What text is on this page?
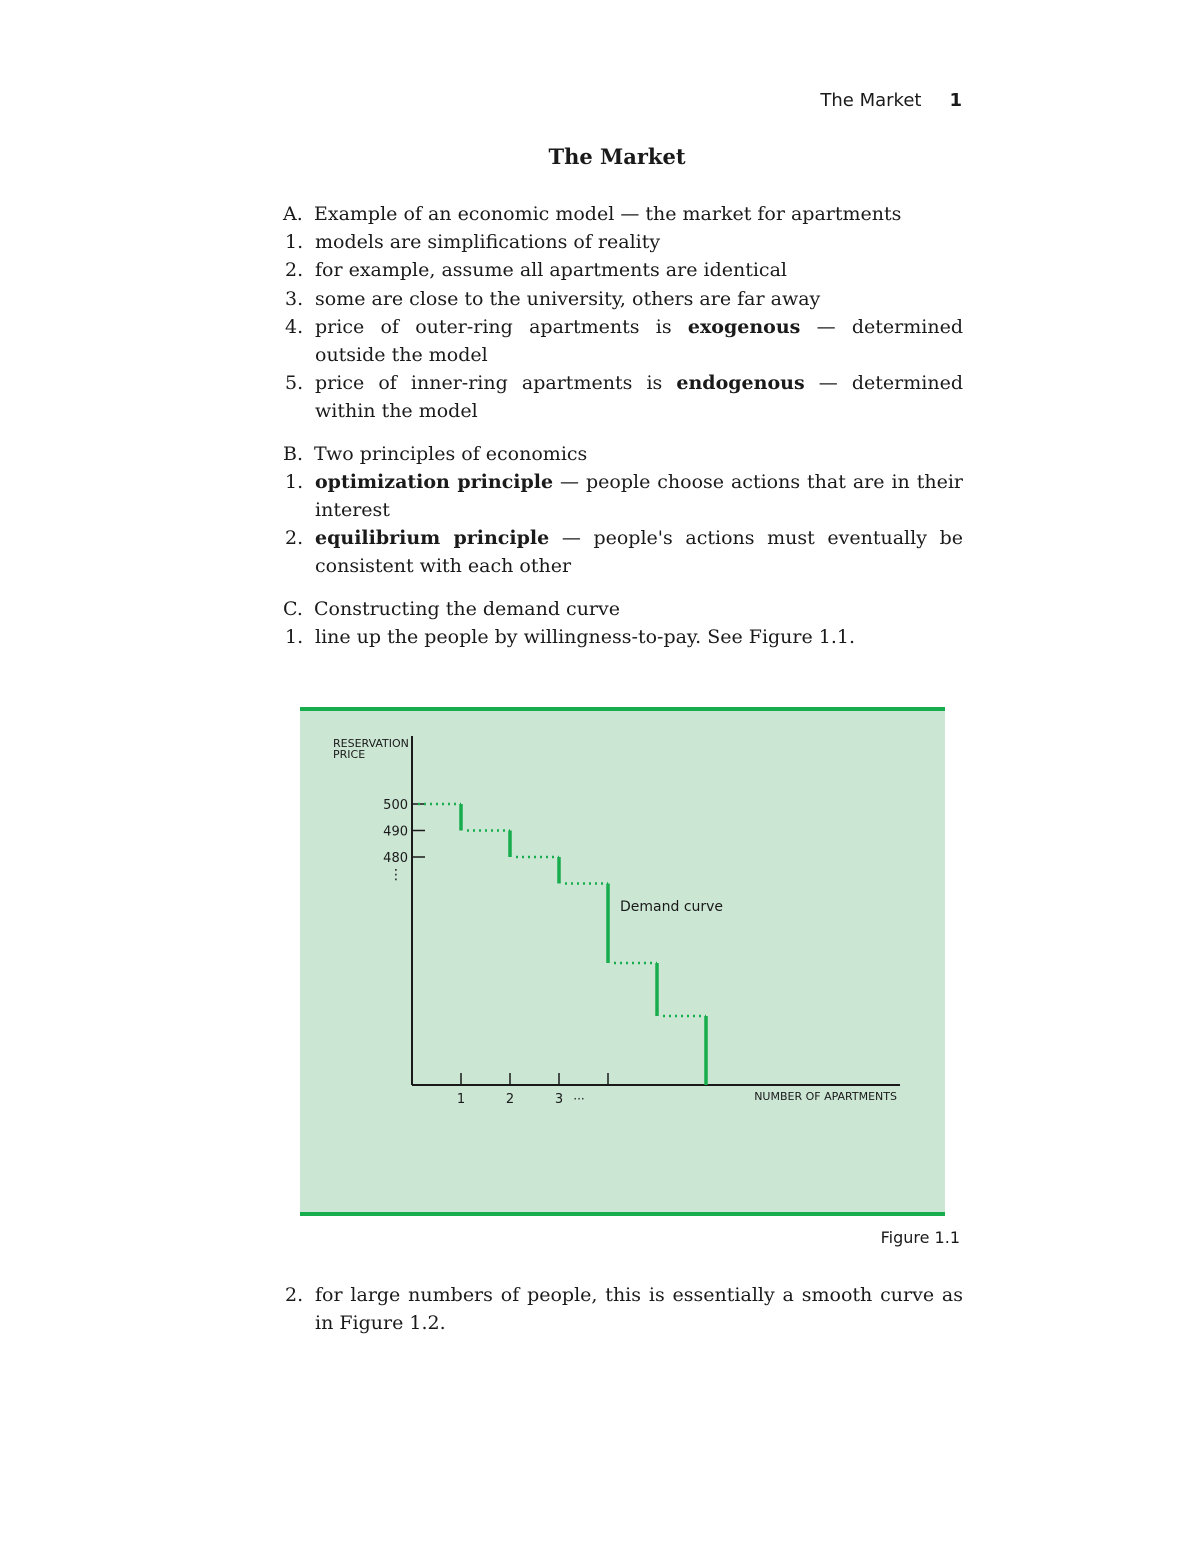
The Market 1
The Market
A. Example of an economic model — the market for apartments
1. models are simplifications of reality
2. for example, assume all apartments are identical
3. some are close to the university, others are far away
4. price of outer-ring apartments is exogenous — determined outside the model
5. price of inner-ring apartments is endogenous — determined within the model
B. Two principles of economics
1. optimization principle — people choose actions that are in their interest
2. equilibrium principle — people's actions must eventually be consistent with each other
C. Constructing the demand curve
1. line up the people by willingness-to-pay. See Figure 1.1.
RESERVATION
PRICE
NUMBER OF APARTMENTS
Demand curve
500
490
480
⋮
1	2	3 ···
Figure 1.1
2. for large numbers of people, this is essentially a smooth curve as in Figure 1.2.
